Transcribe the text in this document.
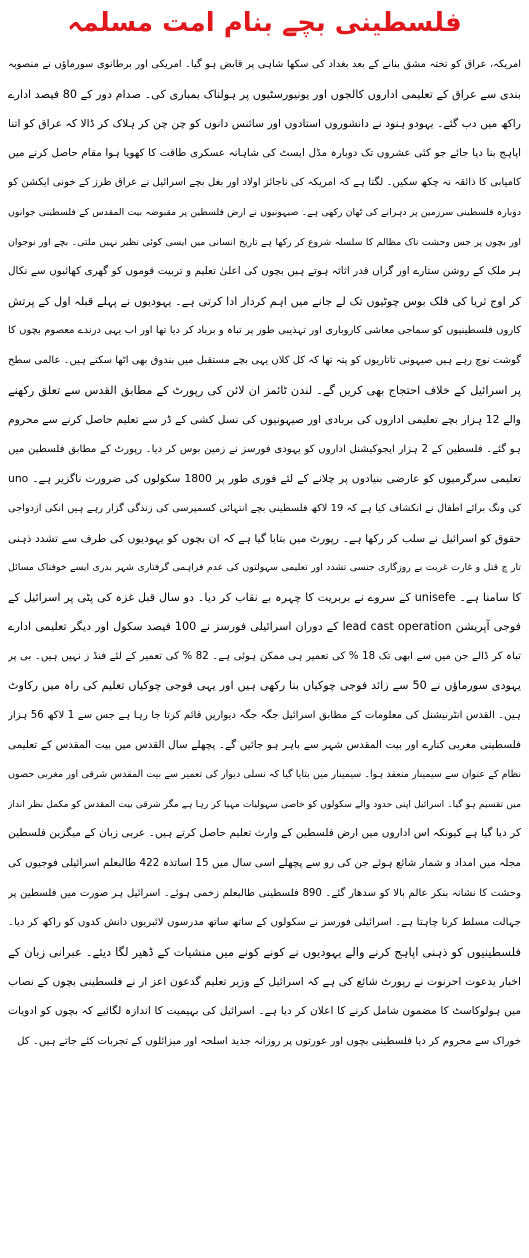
فلسطینی بچے بنام امت مسلمہ
امریکہ، عراق کو تختہ مشق بنانے کے بعد بغداد کی سکھا شاہی پر قابض ہو گیا۔ امریکی اور برطانوی سورماؤں نے منصوبہ
بندی سے عراق کے تعلیمی اداروں کالجوں اور یونیورسٹیوں پر ہولناک بمباری کی۔ صدام دور کے 80 فیصد ادارے
راکھ میں دب گئے۔ یہودو ہنود نے دانشوروں استادوں اور سائنس دانوں کو چن چن کر ہلاک کر ڈالا کہ عراق کو اتنا
اپاہج بنا دیا جائے جو کئی عشروں تک دوبارہ مڈل ایسٹ کی شاہانہ عسکری طاقت کا کھویا ہوا مقام حاصل کرنے میں
کامیابی کا ذائقہ نہ چکھ سکیں۔ لگتا ہے کہ امریکہ کی ناجائز اولاد اور بغل بچے اسرائیل نے عراق طرز کے خونی ایکشن کو
دوبارہ فلسطینی سرزمین پر دہرانے کی ٹھان رکھی ہے۔ صیہونیوں نے ارض فلسطین پر مقبوضہ بیت المقدس کے فلسطینی جوانوں
اور بچوں پر جس وحشت ناک مظالم کا سلسلہ شروع کر رکھا ہے تاریخ انسانی میں ایسی کوئی نظیر نہیں ملتی۔ بچے اور نوجوان
ہر ملک کے روشن ستارے اور گراں قدر اثاثہ ہوتے ہیں بچوں کی اعلیٰ تعلیم و تربیت قوموں کو گھری کھائیوں سے نکال
کر اوج ثریا کی فلک بوس چوٹیوں تک لے جانے میں اہم کردار ادا کرتی ہے۔ یہودیوں نے پہلے قبلہ اول کے پرتش
کاروں فلسطینیوں کو سماجی معاشی کاروباری اور تہذیبی طور پر تباہ و برباد کر دیا تھا اور اب یہی درندے معصوم بچوں کا
گوشت نوچ رہے ہیں صیہونی تاتاریوں کو پتہ تھا کہ کل کلاں یہی بچے مستقبل میں بندوق بھی اٹھا سکتے ہیں۔ عالمی سطح
پر اسرائیل کے خلاف احتجاج بھی کریں گے۔ لندن ٹائمز ان لائن کی رپورٹ کے مطابق القدس سے تعلق رکھنے
والے 12 ہزار بچے تعلیمی اداروں کی بربادی اور صیہونیوں کی نسل کشی کے ڈر سے تعلیم حاصل کرنے سے محروم
ہو گئے۔ فلسطین کے 2 ہزار ایجوکیشنل اداروں کو یہودی فورسز نے زمین بوس کر دیا۔ رپورٹ کے مطابق فلسطین میں
تعلیمی سرگرمیوں کو عارضی بنیادوں پر چلانے کے لئے فوری طور پر 1800 سکولوں کی ضرورت ناگزیر ہے۔ uno
کی ونگ برائے اطفال نے انکشاف کیا ہے کہ 19 لاکھ فلسطینی بچے انتہائی کسمپرسی کی زندگی گزار رہے ہیں انکی ازدواجی
حقوق کو اسرائیل نے سلب کر رکھا ہے۔ رپورٹ میں بتایا گیا ہے کہ ان بچوں کو یہودیوں کی طرف سے تشدد ذہنی
تار چ قتل و غارت غربت بے روزگاری جنسی تشدد اور تعلیمی سہولتوں کی عدم فراہمی گرفتاری شہر بدری ایسے خوفناک مسائل
کا سامنا ہے۔ unisefe کے سروے نے بربریت کا چہرہ بے نقاب کر دیا۔ دو سال قبل غزہ کی پٹی پر اسرائیل کے
فوجی آپریشن lead cast operation کے دوران اسرائیلی فورسز نے 100 فیصد سکول اور دیگر تعلیمی ادارے
تباہ کر ڈالے جن میں سے ابھی تک 18 % کی تعمیر ہی ممکن ہوئی ہے۔ 82 % کی تعمیر کے لئے فنڈ ز نہیں ہیں۔ بی پر
یہودی سورماؤں نے 50 سے زائد فوجی چوکیاں بنا رکھی ہیں اور یہی فوجی چوکیاں تعلیم کی راہ میں رکاوٹ
ہیں۔ القدس انٹرنیشنل کی معلومات کے مطابق اسرائیل جگہ جگہ دیواریں قائم کرتا جا رہا ہے جس سے 1 لاکھ 56 ہزار
فلسطینی مغربی کنارے اور بیت المقدس شہر سے باہر ہو جائیں گے۔ پچھلے سال القدس میں بیت المقدس کے تعلیمی
نظام کے عنوان سے سیمینار منعقد ہوا۔ سیمینار میں بتایا گیا کہ نسلی دیوار کی تعمیر سے بیت المقدس شرقی اور مغربی حصوں
میں تقسیم ہو گیا۔ اسرائیل اپنی حدود والے سکولوں کو خاصی سہولیات مہیا کر رہا ہے مگر شرقی بیت المقدس کو مکمل نظر انداز
کر دیا گیا ہے کیونکہ اس اداروں میں ارض فلسطین کے وارث تعلیم حاصل کرتے ہیں۔ عربی زبان کے میگزین فلسطین
مجلہ میں امداد و شمار شائع ہوئے جن کی رو سے پچھلے اسی سال میں 15 اساتذہ 422 طالبعلم اسرائیلی فوجیوں کی
وحشت کا نشانہ بنکر عالم بالا کو سدھار گئے۔ 890 فلسطینی طالبعلم زخمی ہوئے۔ اسرائیل ہر صورت میں فلسطین پر
جہالت مسلط کرنا چاہتا ہے۔ اسرائیلی فورسز نے سکولوں کے ساتھ ساتھ مدرسوں لائبریوں دانش کدوں کو راکھ کر دیا۔
فلسطینیوں کو ذہنی اپاہج کرنے والے یہودیوں نے کونے کونے میں منشیات کے ڈھیر لگا دیئے۔ عبرانی زبان کے
اخبار یدعوت احرنوت نے رپورٹ شائع کی ہے کہ اسرائیل کے وزیر تعلیم گدعون اعز ار نے فلسطینی بچوں کے نصاب
میں ہولوکاسٹ کا مضمون شامل کرنے کا اعلان کر دیا ہے۔ اسرائیل کی بہیمیت کا اندازہ لگائیے کہ بچوں کو ادویات
خوراک سے محروم کر دیا فلسطینی بچوں اور عورتوں پر روزانہ جدید اسلحہ اور میزائلوں کے تجربات کئے جاتے ہیں۔ کل
